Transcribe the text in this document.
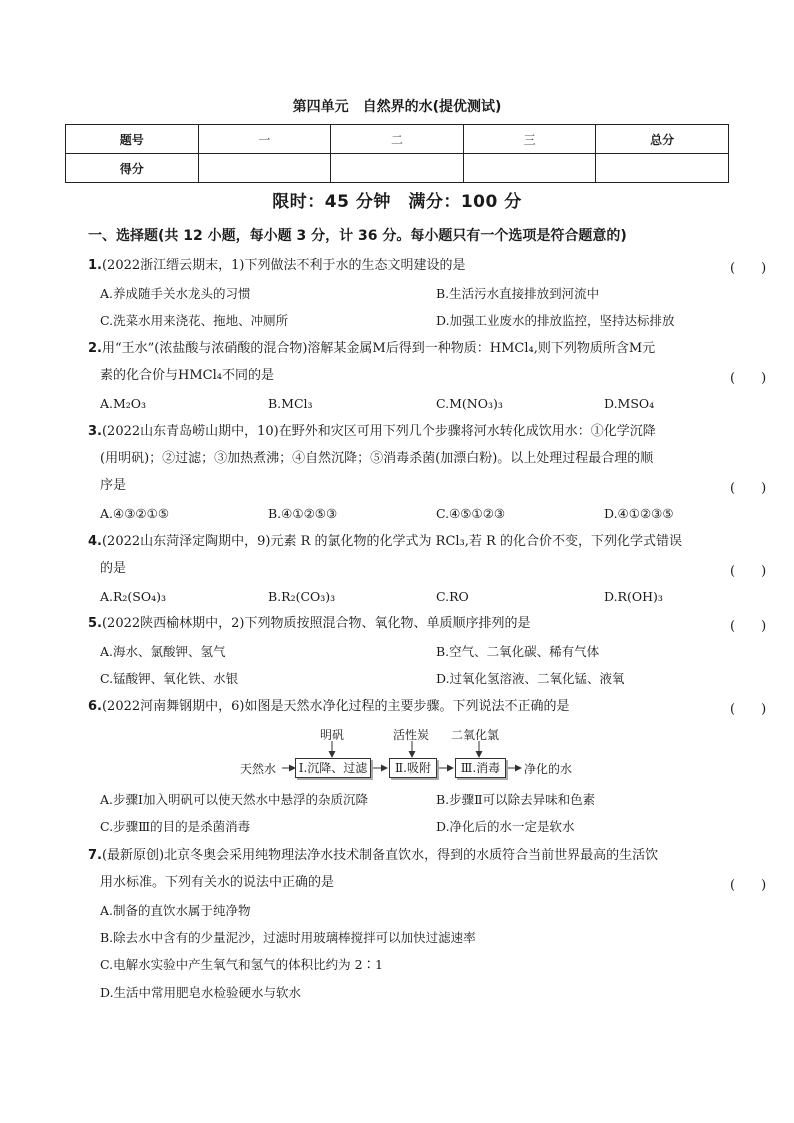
第四单元　自然界的水(提优测试)
题号	一	二	三	总分
得分				
限时：45 分钟　满分：100 分
一、选择题(共 12 小题，每小题 3 分，计 36 分。每小题只有一个选项是符合题意的)
1.(2022浙江缙云期末，1)下列做法不利于水的生态文明建设的是	(　　)
A.养成随手关水龙头的习惯	B.生活污水直接排放到河流中
C.洗菜水用来浇花、拖地、冲厕所	D.加强工业废水的排放监控，坚持达标排放
2.用“王水”(浓盐酸与浓硝酸的混合物)溶解某金属M后得到一种物质：HMCl₄,则下列物质所含M元
素的化合价与HMCl₄不同的是	(　　)
A.M₂O₃	B.MCl₃	C.M(NO₃)₃	D.MSO₄
3.(2022山东青岛崂山期中，10)在野外和灾区可用下列几个步骤将河水转化成饮用水：①化学沉降
(用明矾)；②过滤；③加热煮沸；④自然沉降；⑤消毒杀菌(加漂白粉)。以上处理过程最合理的顺
序是	(　　)
A.④③②①⑤	B.④①②⑤③	C.④⑤①②③	D.④①②③⑤
4.(2022山东菏泽定陶期中，9)元素 R 的氯化物的化学式为 RCl₃,若 R 的化合价不变，下列化学式错误
的是	(　　)
A.R₂(SO₄)₃	B.R₂(CO₃)₃	C.RO	D.R(OH)₃
5.(2022陕西榆林期中，2)下列物质按照混合物、氧化物、单质顺序排列的是	(　　)
A.海水、氯酸钾、氢气	B.空气、二氧化碳、稀有气体
C.锰酸钾、氧化铁、水银	D.过氧化氢溶液、二氧化锰、液氧
6.(2022河南舞钢期中，6)如图是天然水净化过程的主要步骤。下列说法不正确的是	(　　)
天然水
明矾	活性炭 二氧化氯
Ⅰ.沉降、过滤	Ⅱ.吸附	Ⅲ.消毒	净化的水
A.步骤Ⅰ加入明矾可以使天然水中悬浮的杂质沉降	B.步骤Ⅱ可以除去异味和色素
C.步骤Ⅲ的目的是杀菌消毒	D.净化后的水一定是软水
7.(最新原创)北京冬奥会采用纯物理法净水技术制备直饮水，得到的水质符合当前世界最高的生活饮
用水标准。下列有关水的说法中正确的是	(　　)
A.制备的直饮水属于纯净物
B.除去水中含有的少量泥沙，过滤时用玻璃棒搅拌可以加快过滤速率
C.电解水实验中产生氧气和氢气的体积比约为 2∶1
D.生活中常用肥皂水检验硬水与软水
